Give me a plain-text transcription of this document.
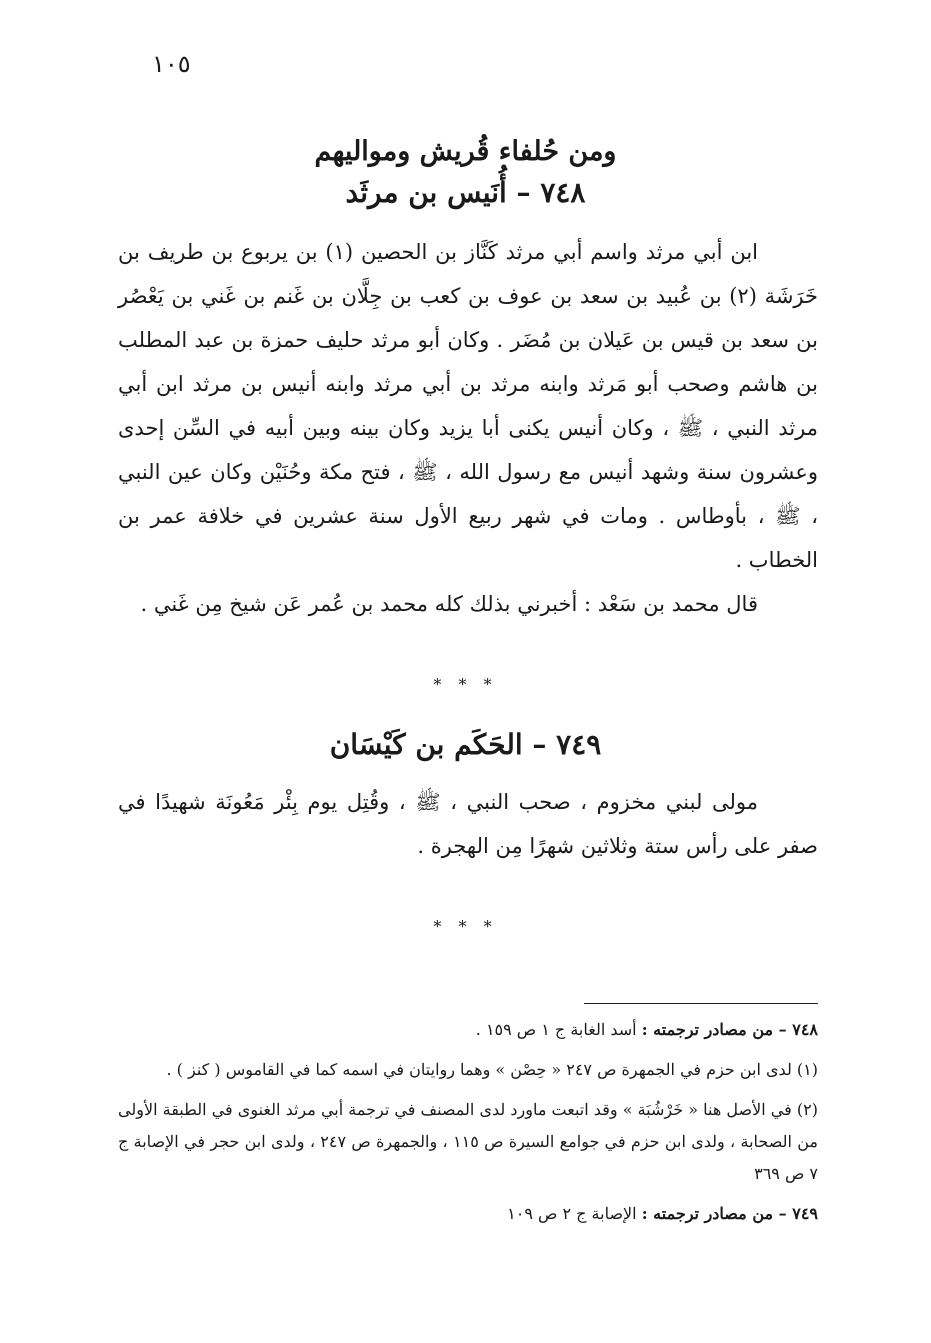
١٠٥
ومن حُلفاء قُريش ومواليهم
٧٤٨ – أُنَيس بن مرثَد

ابن أبي مرثد واسم أبي مرثد كَنَّاز بن الحصين (١) بن يربوع بن طريف بن خَرَشَة (٢) بن عُبيد بن سعد بن عوف بن كعب بن جِلَّان بن غَنم بن غَني بن يَعْصُر بن سعد بن قيس بن عَيلان بن مُضَر . وكان أبو مرثد حليف حمزة بن عبد المطلب بن هاشم وصحب أبو مَرثد وابنه مرثد بن أبي مرثد وابنه أنيس بن مرثد ابن أبي مرثد النبي ، ﷺ ، وكان أنيس يكنى أبا يزيد وكان بينه وبين أبيه في السِّن إحدى وعشرون سنة وشهد أنيس مع رسول الله ، ﷺ ، فتح مكة وحُنَيْن وكان عين النبي ، ﷺ ، بأوطاس . ومات في شهر ربيع الأول سنة عشرين في خلافة عمر بن الخطاب .

قال محمد بن سَعْد : أخبرني بذلك كله محمد بن عُمر عَن شيخ مِن غَني .

* * *
٧٤٩ – الحَكَم بن كَيْسَان

مولى لبني مخزوم ، صحب النبي ، ﷺ ، وقُتِل يوم بِئْر مَعُونَة شهيدًا في صفر على رأس ستة وثلاثين شهرًا مِن الهجرة .

* * *

٧٤٨ – من مصادر ترجمته : أسد الغابة ج ١ ص ١٥٩ .

(١) لدى ابن حزم في الجمهرة ص ٢٤٧ « حِصْن » وهما روايتان في اسمه كما في القاموس ( كنز ) .

(٢) في الأصل هنا « خَرْشُبَة » وقد اتبعت ماورد لدى المصنف في ترجمة أبي مرثد الغنوى في الطبقة الأولى من الصحابة ، ولدى ابن حزم في جوامع السيرة ص ١١٥ ، والجمهرة ص ٢٤٧ ، ولدى ابن حجر في الإصابة ج ٧ ص ٣٦٩

٧٤٩ – من مصادر ترجمته : الإصابة ج ٢ ص ١٠٩
